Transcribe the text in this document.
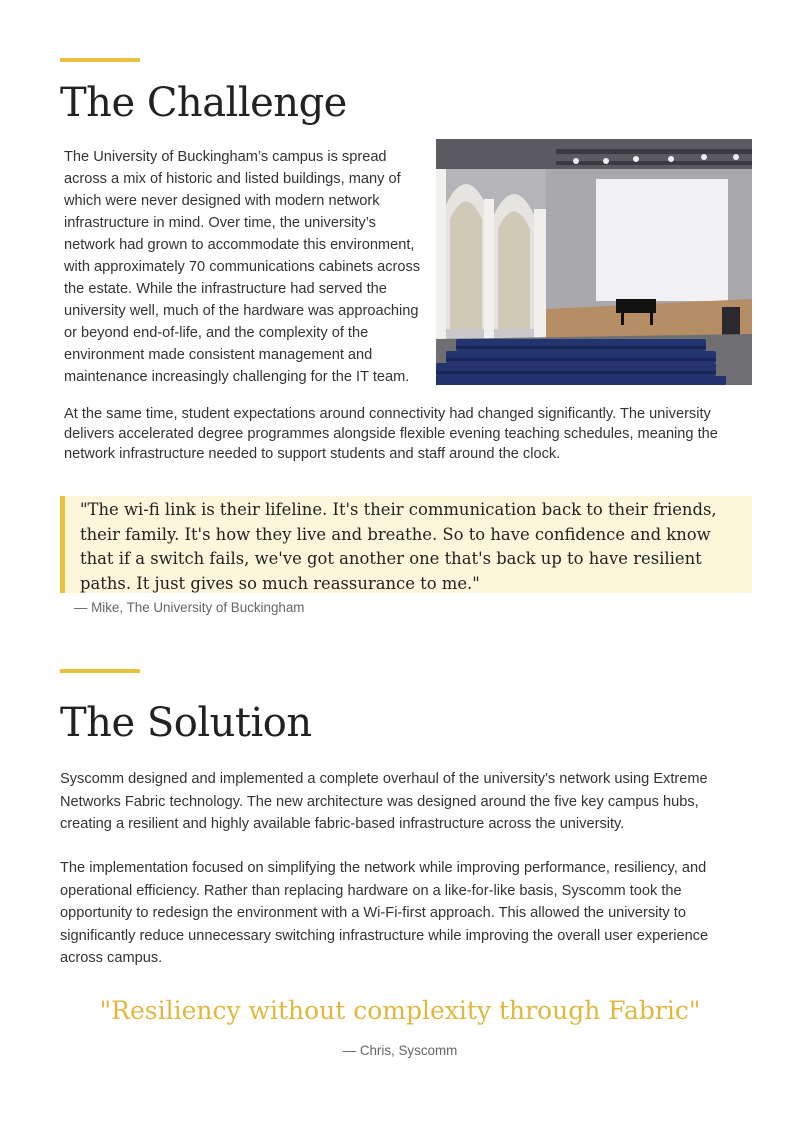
The Challenge

The University of Buckingham’s campus is spread across a mix of historic and listed buildings, many of which were never designed with modern network infrastructure in mind. Over time, the university’s network had grown to accommodate this environment, with approximately 70 communications cabinets across the estate. While the infrastructure had served the university well, much of the hardware was approaching or beyond end-of-life, and the complexity of the environment made consistent management and maintenance increasingly challenging for the IT team.

At the same time, student expectations around connectivity had changed significantly. The university delivers accelerated degree programmes alongside flexible evening teaching schedules, meaning the network infrastructure needed to support students and staff around the clock.

"The wi-fi link is their lifeline. It's their communication back to their friends, their family. It's how they live and breathe. So to have confidence and know that if a switch fails, we've got another one that's back up to have resilient paths. It just gives so much reassurance to me."

— Mike, The University of Buckingham

The Solution

Syscomm designed and implemented a complete overhaul of the university's network using Extreme Networks Fabric technology. The new architecture was designed around the five key campus hubs, creating a resilient and highly available fabric-based infrastructure across the university.

The implementation focused on simplifying the network while improving performance, resiliency, and operational efficiency. Rather than replacing hardware on a like-for-like basis, Syscomm took the opportunity to redesign the environment with a Wi-Fi-first approach. This allowed the university to significantly reduce unnecessary switching infrastructure while improving the overall user experience across campus.

"Resiliency without complexity through Fabric"

— Chris, Syscomm
